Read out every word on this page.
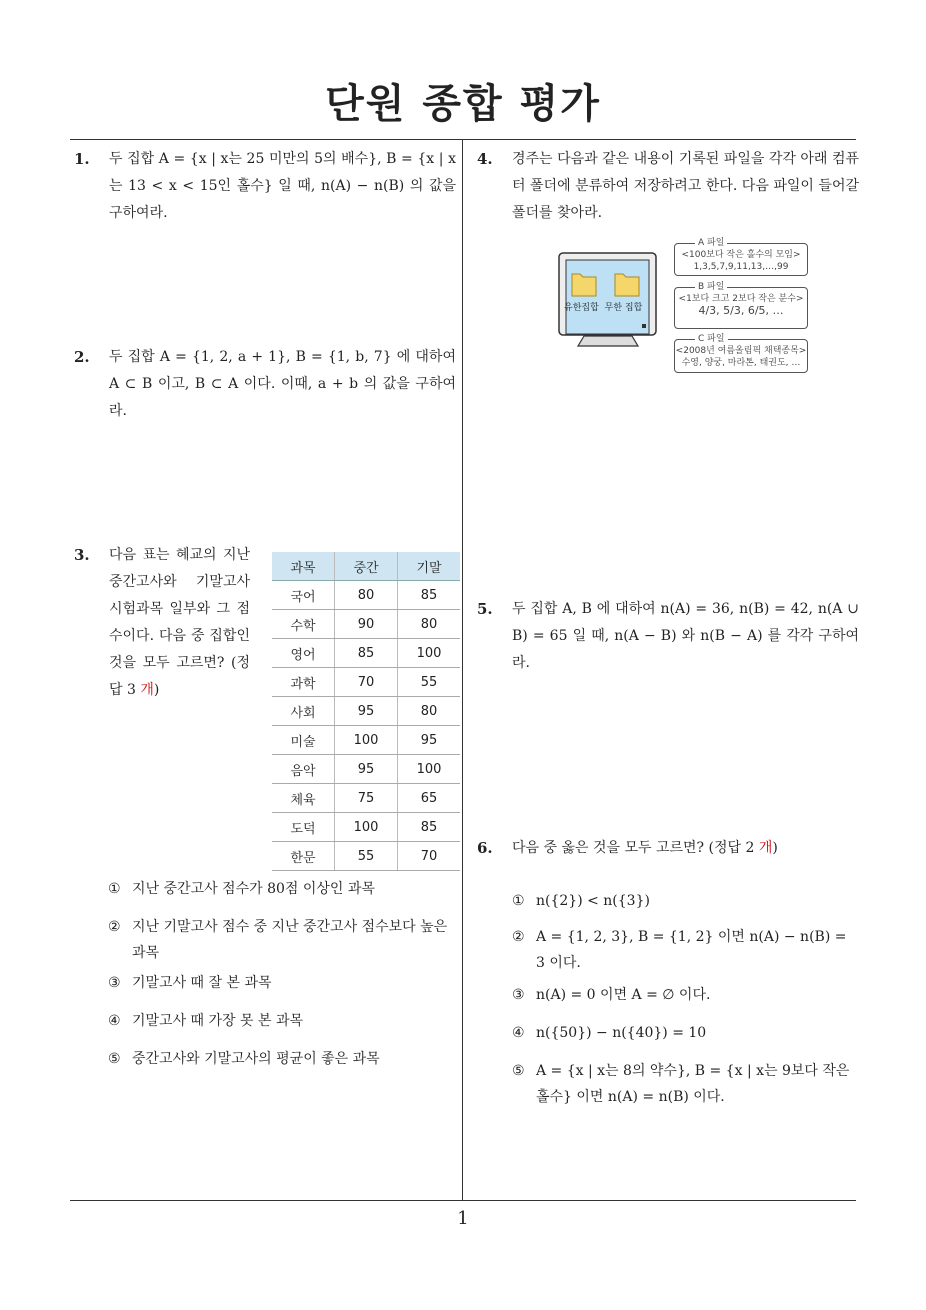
단원 종합 평가
1. 두 집합 A = {x | x는 25 미만의 5의 배수}, B = {x | x는 13 < x < 15인 홀수} 일 때, n(A) − n(B) 의 값을 구하여라.
2. 두 집합 A = {1, 2, a + 1}, B = {1, b, 7} 에 대하여 A ⊂ B 이고, B ⊂ A 이다. 이때, a + b 의 값을 구하여라.
3. 다음 표는 혜교의 지난 중간고사와 기말고사 시험과목 일부와 그 점수이다. 다음 중 집합인 것을 모두 고르면? (정답 3 개)
과목	중간	기말
국어	80	85
수학	90	80
영어	85	100
과학	70	55
사회	95	80
미술	100	95
음악	95	100
체육	75	65
도덕	100	85
한문	55	70
① 지난 중간고사 점수가 80점 이상인 과목
② 지난 기말고사 점수 중 지난 중간고사 점수보다 높은 과목
③ 기말고사 때 잘 본 과목
④ 기말고사 때 가장 못 본 과목
⑤ 중간고사와 기말고사의 평균이 좋은 과목
4. 경주는 다음과 같은 내용이 기록된 파일을 각각 아래 컴퓨터 폴더에 분류하여 저장하려고 한다. 다음 파일이 들어갈 폴더를 찾아라.
유한집합 무한 집합
A 파일
<100보다 작은 홀수의 모임>
1,3,5,7,9,11,13,…,99
B 파일
<1보다 크고 2보다 작은 분수>
4/3, 5/3, 6/5, …
C 파일
<2008년 여름올림픽 채택종목>
수영, 양궁, 마라톤, 태권도, …
5. 두 집합 A, B 에 대하여 n(A) = 36, n(B) = 42, n(A ∪ B) = 65 일 때, n(A − B) 와 n(B − A) 를 각각 구하여라.
6. 다음 중 옳은 것을 모두 고르면? (정답 2 개)
① n({2}) < n({3})
② A = {1, 2, 3}, B = {1, 2} 이면 n(A) − n(B) = 3 이다.
③ n(A) = 0 이면 A = ∅ 이다.
④ n({50}) − n({40}) = 10
⑤ A = {x | x는 8의 약수}, B = {x | x는 9보다 작은 홀수} 이면 n(A) = n(B) 이다.
1
